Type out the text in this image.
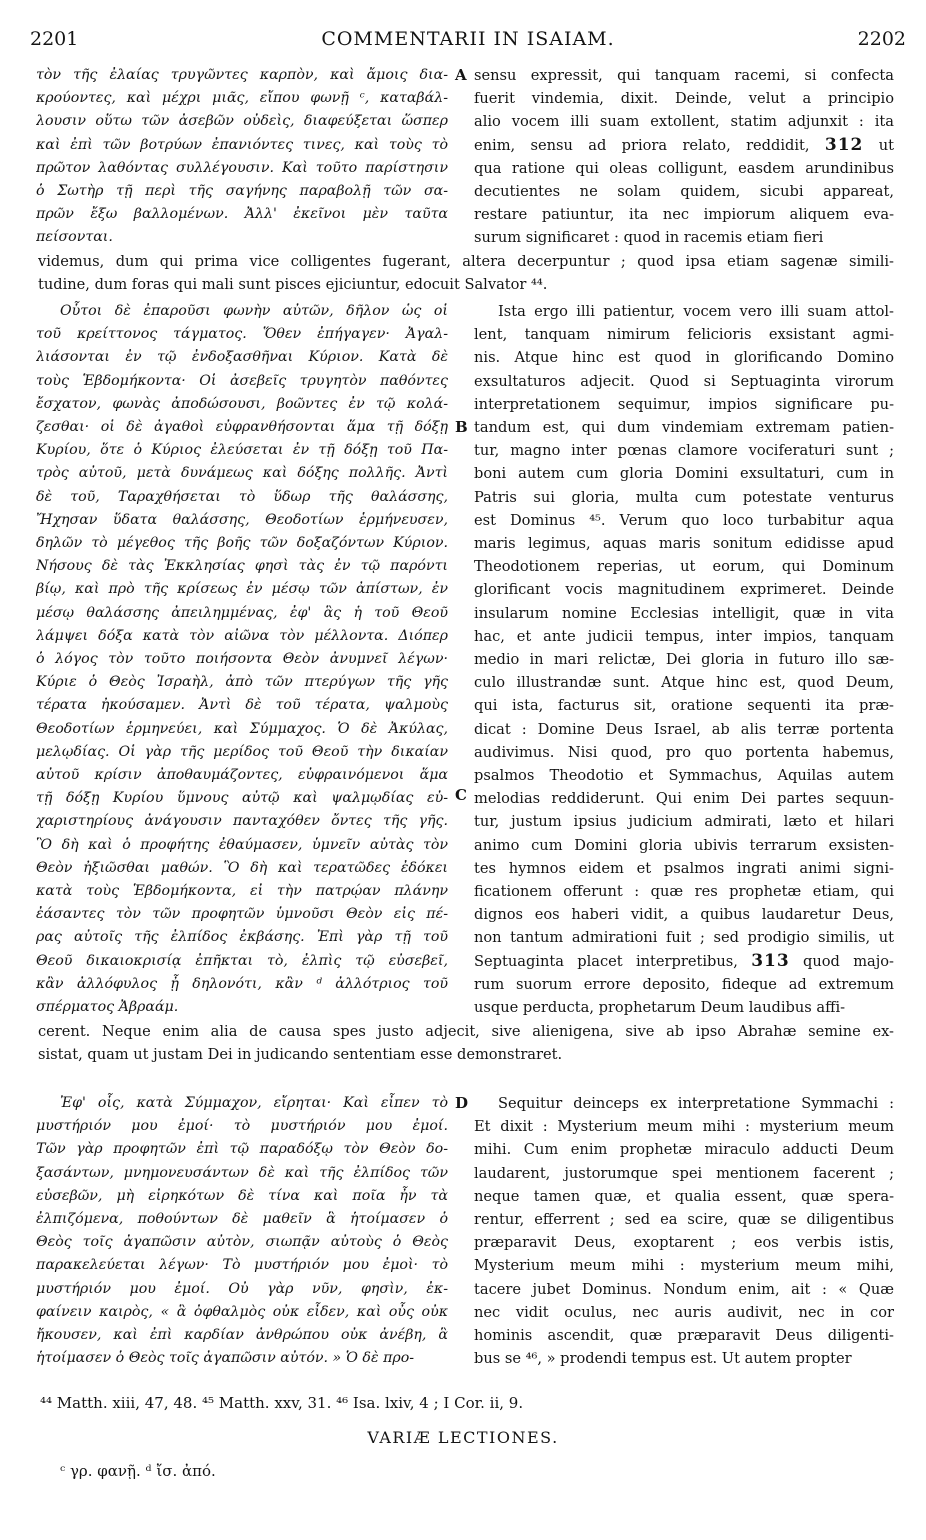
2201	COMMENTARII IN ISAIAM.	2202
τὸν τῆς ἐλαίας τρυγῶντες καρπὸν, καὶ ἄμοις δια-
κρούοντες, καὶ μέχρι μιᾶς, εἴπου φωνῇ ᶜ, καταβάλ-
λουσιν οὕτω τῶν ἀσεβῶν οὐδεὶς, διαφεύξεται ὥσπερ
καὶ ἐπὶ τῶν βοτρύων ἐπανιόντες τινες, καὶ τοὺς τὸ
πρῶτον λαθόντας συλλέγουσιν. Καὶ τοῦτο παρίστησιν
ὁ Σωτὴρ τῇ περὶ τῆς σαγήνης παραβολῇ τῶν σα-
πρῶν ἔξω βαλλομένων. Ἀλλ' ἐκεῖνοι μὲν ταῦτα
πείσονται.
sensu expressit, qui tanquam racemi, si confecta
fuerit vindemia, dixit. Deinde, velut a principio
alio vocem illi suam extollent, statim adjunxit : ita
enim, sensu ad priora relato, reddidit, 312 ut
qua ratione qui oleas colligunt, easdem arundinibus
decutientes ne solam quidem, sicubi appareat,
restare patiuntur, ita nec impiorum aliquem eva-
surum significaret : quod in racemis etiam fieri
A
videmus, dum qui prima vice colligentes fugerant, altera decerpuntur ; quod ipsa etiam sagenæ simili-
tudine, dum foras qui mali sunt pisces ejiciuntur, edocuit Salvator ⁴⁴.
Οὗτοι δὲ ἐπαροῦσι φωνὴν αὐτῶν, δῆλον ὡς οἱ
τοῦ κρείττονος τάγματος. Ὅθεν ἐπήγαγεν· Ἀγαλ-
λιάσονται ἐν τῷ ἐνδοξασθῆναι Κύριον. Κατὰ δὲ
τοὺς Ἑβδομήκοντα· Οἱ ἀσεβεῖς τρυγητὸν παθόντες
ἔσχατον, φωνὰς ἀποδώσουσι, βοῶντες ἐν τῷ κολά-
ζεσθαι· οἱ δὲ ἀγαθοὶ εὐφρανθήσονται ἅμα τῇ δόξῃ
Κυρίου, ὅτε ὁ Κύριος ἐλεύσεται ἐν τῇ δόξῃ τοῦ Πα-
τρὸς αὐτοῦ, μετὰ δυνάμεως καὶ δόξης πολλῆς. Ἀντὶ
δὲ τοῦ, Ταραχθήσεται τὸ ὕδωρ τῆς θαλάσσης,
Ἤχησαν ὕδατα θαλάσσης, Θεοδοτίων ἑρμήνευσεν,
δηλῶν τὸ μέγεθος τῆς βοῆς τῶν δοξαζόντων Κύριον.
Νήσους δὲ τὰς Ἐκκλησίας φησὶ τὰς ἐν τῷ παρόντι
βίῳ, καὶ πρὸ τῆς κρίσεως ἐν μέσῳ τῶν ἀπίστων, ἐν
μέσῳ θαλάσσης ἀπειλημμένας, ἐφ' ἃς ἡ τοῦ Θεοῦ
λάμψει δόξα κατὰ τὸν αἰῶνα τὸν μέλλοντα. Διόπερ
ὁ λόγος τὸν τοῦτο ποιήσοντα Θεὸν ἀνυμνεῖ λέγων·
Κύριε ὁ Θεὸς Ἰσραὴλ, ἀπὸ τῶν πτερύγων τῆς γῆς
τέρατα ἠκούσαμεν. Ἀντὶ δὲ τοῦ τέρατα, ψαλμοὺς
Θεοδοτίων ἑρμηνεύει, καὶ Σύμμαχος. Ὁ δὲ Ἀκύλας,
μελῳδίας. Οἱ γὰρ τῆς μερίδος τοῦ Θεοῦ τὴν δικαίαν
αὐτοῦ κρίσιν ἀποθαυμάζοντες, εὐφραινόμενοι ἅμα
τῇ δόξῃ Κυρίου ὕμνους αὐτῷ καὶ ψαλμῳδίας εὐ-
χαριστηρίους ἀνάγουσιν πανταχόθεν ὄντες τῆς γῆς.
Ὃ δὴ καὶ ὁ προφήτης ἐθαύμασεν, ὑμνεῖν αὐτὰς τὸν
Θεὸν ἠξιῶσθαι μαθών. Ὃ δὴ καὶ τερατῶδες ἐδόκει
κατὰ τοὺς Ἑβδομήκοντα, εἰ τὴν πατρῴαν πλάνην
ἐάσαντες τὸν τῶν προφητῶν ὑμνοῦσι Θεὸν εἰς πέ-
ρας αὐτοῖς τῆς ἐλπίδος ἐκβάσης. Ἐπὶ γὰρ τῇ τοῦ
Θεοῦ δικαιοκρισίᾳ ἐπῆκται τὸ, ἐλπὶς τῷ εὐσεβεῖ,
κἂν ἀλλόφυλος ᾖ δηλονότι, κἂν ᵈ ἀλλότριος τοῦ
σπέρματος Ἀβραάμ.
Ista ergo illi patientur, vocem vero illi suam attol-
lent, tanquam nimirum felicioris exsistant agmi-
nis. Atque hinc est quod in glorificando Domino
exsultaturos adjecit. Quod si Septuaginta virorum
interpretationem sequimur, impios significare pu-
tandum est, qui dum vindemiam extremam patien-
tur, magno inter pœnas clamore vociferaturi sunt ;
boni autem cum gloria Domini exsultaturi, cum in
Patris sui gloria, multa cum potestate venturus
est Dominus ⁴⁵. Verum quo loco turbabitur aqua
maris legimus, aquas maris sonitum edidisse apud
Theodotionem reperias, ut eorum, qui Dominum
glorificant vocis magnitudinem exprimeret. Deinde
insularum nomine Ecclesias intelligit, quæ in vita
hac, et ante judicii tempus, inter impios, tanquam
medio in mari relictæ, Dei gloria in futuro illo sæ-
culo illustrandæ sunt. Atque hinc est, quod Deum,
qui ista, facturus sit, oratione sequenti ita præ-
dicat : Domine Deus Israel, ab alis terræ portenta
audivimus. Nisi quod, pro quo portenta habemus,
psalmos Theodotio et Symmachus, Aquilas autem
melodias reddiderunt. Qui enim Dei partes sequun-
tur, justum ipsius judicium admirati, læto et hilari
animo cum Domini gloria ubivis terrarum exsisten-
tes hymnos eidem et psalmos ingrati animi signi-
ficationem offerunt : quæ res prophetæ etiam, qui
dignos eos haberi vidit, a quibus laudaretur Deus,
non tantum admirationi fuit ; sed prodigio similis, ut
Septuaginta placet interpretibus, 313 quod majo-
rum suorum errore deposito, fideque ad extremum
usque perducta, prophetarum Deum laudibus affi-
B
C
cerent. Neque enim alia de causa spes justo adjecit, sive alienigena, sive ab ipso Abrahæ semine ex-
sistat, quam ut justam Dei in judicando sententiam esse demonstraret.
Ἐφ' οἷς, κατὰ Σύμμαχον, εἴρηται· Καὶ εἶπεν τὸ
μυστήριόν μου ἐμοί· τὸ μυστήριόν μου ἐμοί.
Τῶν γὰρ προφητῶν ἐπὶ τῷ παραδόξῳ τὸν Θεὸν δο-
ξασάντων, μνημονευσάντων δὲ καὶ τῆς ἐλπίδος τῶν
εὐσεβῶν, μὴ εἰρηκότων δὲ τίνα καὶ ποῖα ἦν τὰ
ἐλπιζόμενα, ποθούντων δὲ μαθεῖν ἃ ἡτοίμασεν ὁ
Θεὸς τοῖς ἀγαπῶσιν αὐτὸν, σιωπᾷν αὐτοὺς ὁ Θεὸς
παρακελεύεται λέγων· Τὸ μυστήριόν μου ἐμοὶ· τὸ
μυστήριόν μου ἐμοί. Οὐ γὰρ νῦν, φησὶν, ἐκ-
φαίνειν καιρὸς, « ἃ ὀφθαλμὸς οὐκ εἶδεν, καὶ οὖς οὐκ
ἤκουσεν, καὶ ἐπὶ καρδίαν ἀνθρώπου οὐκ ἀνέβη, ἃ
ἡτοίμασεν ὁ Θεὸς τοῖς ἀγαπῶσιν αὐτόν. » Ὁ δὲ προ-
Sequitur deinceps ex interpretatione Symmachi :
Et dixit : Mysterium meum mihi : mysterium meum
mihi. Cum enim prophetæ miraculo adducti Deum
laudarent, justorumque spei mentionem facerent ;
neque tamen quæ, et qualia essent, quæ spera-
rentur, efferrent ; sed ea scire, quæ se diligentibus
præparavit Deus, exoptarent ; eos verbis istis,
Mysterium meum mihi : mysterium meum mihi,
tacere jubet Dominus. Nondum enim, ait : « Quæ
nec vidit oculus, nec auris audivit, nec in cor
hominis ascendit, quæ præparavit Deus diligenti-
bus se ⁴⁶, » prodendi tempus est. Ut autem propter
D
⁴⁴ Matth. xiii, 47, 48. ⁴⁵ Matth. xxv, 31. ⁴⁶ Isa. lxiv, 4 ; I Cor. ii, 9.
VARIÆ LECTIONES.
ᶜ γρ. φανῇ. ᵈ ἴσ. ἀπό.
